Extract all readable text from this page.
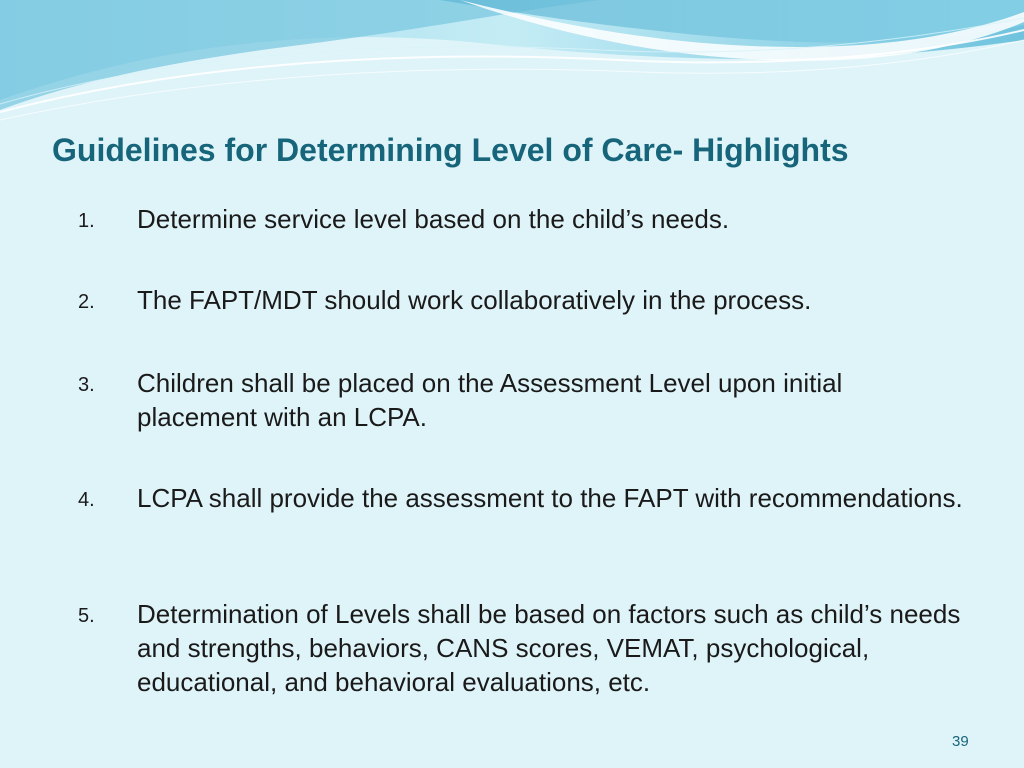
Guidelines for Determining Level of Care- Highlights
1. Determine service level based on the child’s needs.
2. The FAPT/MDT should work collaboratively in the process.
3. Children shall be placed on the Assessment Level upon initial placement with an LCPA.
4. LCPA shall provide the assessment to the FAPT with recommendations.
5. Determination of Levels shall be based on factors such as child’s needs and strengths, behaviors, CANS scores, VEMAT, psychological, educational, and behavioral evaluations, etc.
39
